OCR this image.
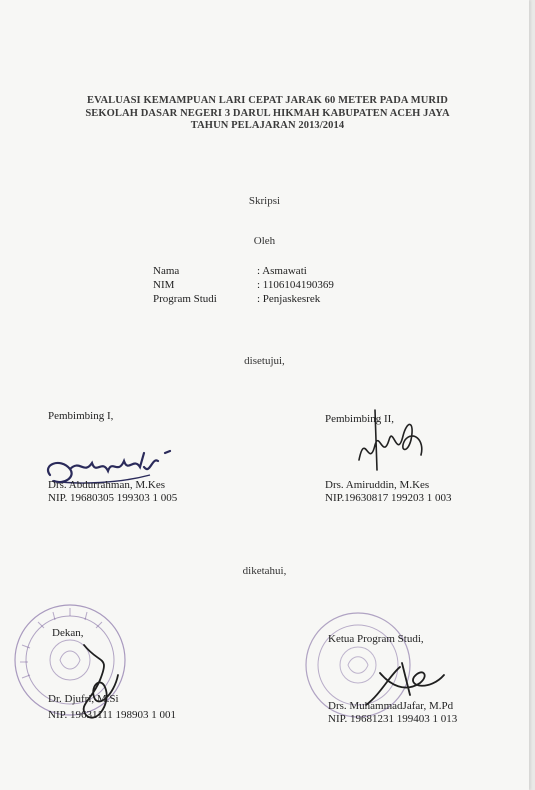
EVALUASI KEMAMPUAN LARI CEPAT JARAK 60 METER PADA MURID
SEKOLAH DASAR NEGERI 3 DARUL HIKMAH KABUPATEN ACEH JAYA
TAHUN PELAJARAN 2013/2014
Skripsi
Oleh
Nama	: Asmawati
NIM	: 1106104190369
Program Studi	: Penjaskesrek
disetujui,
Pembimbing I,
Drs. Abdurrahman, M.Kes
NIP. 19680305 199303 1 005
Pembimbing II,
Drs. Amiruddin, M.Kes
NIP.19630817 199203 1 003
diketahui,
Dekan,
Dr. Djufri, M.Si
NIP. 19631111 198903 1 001
Ketua Program Studi,
Drs. MuhammadJafar, M.Pd
NIP. 19681231 199403 1 013
